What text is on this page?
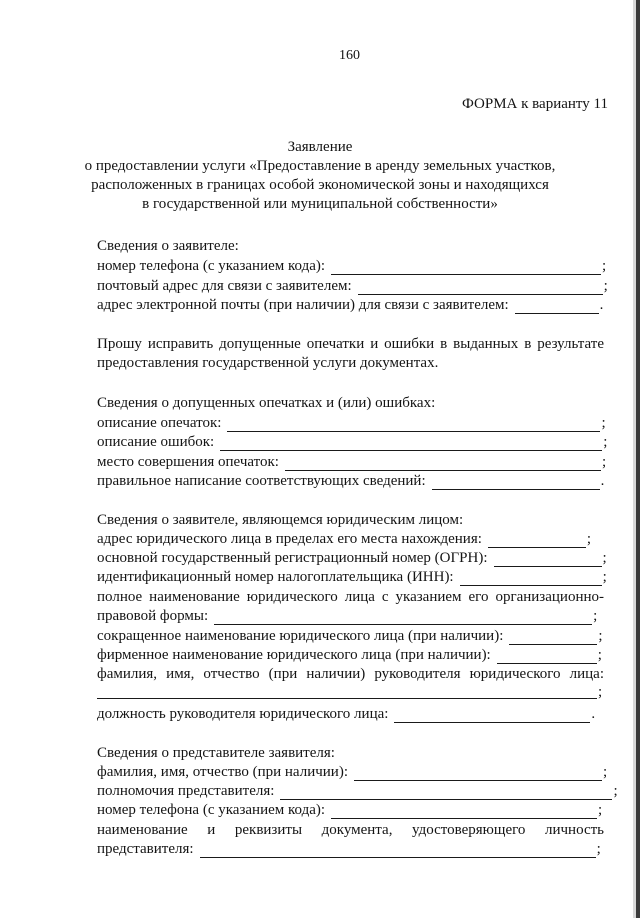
160
ФОРМА к варианту 11
Заявление
о предоставлении услуги «Предоставление в аренду земельных участков,
расположенных в границах особой экономической зоны и находящихся
в государственной или муниципальной собственности»
Сведения о заявителе:
номер телефона (с указанием кода):	;
почтовый адрес для связи с заявителем:	;
адрес электронной почты (при наличии) для связи с заявителем:	.
Прошу исправить допущенные опечатки и ошибки в выданных в результате
предоставления государственной услуги документах.
Сведения о допущенных опечатках и (или) ошибках:
описание опечаток:	;
описание ошибок:	;
место совершения опечаток:	;
правильное написание соответствующих сведений:	.
Сведения о заявителе, являющемся юридическим лицом:
адрес юридического лица в пределах его места нахождения:	;
основной государственный регистрационный номер (ОГРН):	;
идентификационный номер налогоплательщика (ИНН):	;
полное наименование юридического лица с указанием его организационно-
правовой формы:	;
сокращенное наименование юридического лица (при наличии):	;
фирменное наименование юридического лица (при наличии):	;
фамилия, имя, отчество (при наличии) руководителя юридического лица:
;
должность руководителя юридического лица:	.
Сведения о представителе заявителя:
фамилия, имя, отчество (при наличии):	;
полномочия представителя:	;
номер телефона (с указанием кода):	;
наименование и реквизиты документа, удостоверяющего личность
представителя:	;
